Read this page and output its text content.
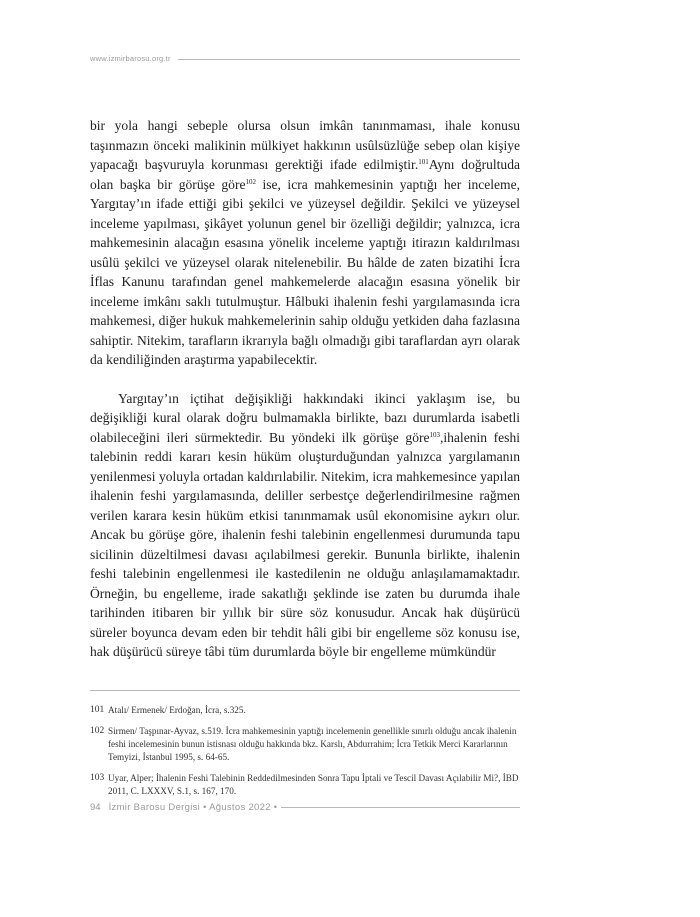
www.izmirbarosu.org.tr

bir yola hangi sebeple olursa olsun imkân tanınmaması, ihale konusu taşınmazın önceki malikinin mülkiyet hakkının usûlsüzlüğe sebep olan kişiye yapacağı başvuruyla korunması gerektiği ifade edilmiştir.$^{101}$Aynı doğrultuda olan başka bir görüşe göre$^{102}$ ise, icra mahkemesinin yaptığı her inceleme, Yargıtay’ın ifade ettiği gibi şekilci ve yüzeysel değildir. Şekilci ve yüzeysel inceleme yapılması, şikâyet yolunun genel bir özelliği değildir; yalnızca, icra mahkemesinin alacağın esasına yönelik inceleme yaptığı itirazın kaldırılması usûlü şekilci ve yüzeysel olarak nitelenebilir. Bu hâlde de zaten bizatihi İcra İflas Kanunu tarafından genel mahkemelerde alacağın esasına yönelik bir inceleme imkânı saklı tutulmuştur. Hâlbuki ihalenin feshi yargılamasında icra mahkemesi, diğer hukuk mahkemelerinin sahip olduğu yetkiden daha fazlasına sahiptir. Nitekim, tarafların ikrarıyla bağlı olmadığı gibi taraflardan ayrı olarak da kendiliğinden araştırma yapabilecektir.

Yargıtay’ın içtihat değişikliği hakkındaki ikinci yaklaşım ise, bu değişikliği kural olarak doğru bulmamakla birlikte, bazı durumlarda isabetli olabileceğini ileri sürmektedir. Bu yöndeki ilk görüşe göre$^{103}$,ihalenin feshi talebinin reddi kararı kesin hüküm oluşturduğundan yalnızca yargılamanın yenilenmesi yoluyla ortadan kaldırılabilir. Nitekim, icra mahkemesince yapılan ihalenin feshi yargılamasında, deliller serbestçe değerlendirilmesine rağmen verilen karara kesin hüküm etkisi tanınmamak usûl ekonomisine aykırı olur. Ancak bu görüşe göre, ihalenin feshi talebinin engellenmesi durumunda tapu sicilinin düzeltilmesi davası açılabilmesi gerekir. Bununla birlikte, ihalenin feshi talebinin engellenmesi ile kastedilenin ne olduğu anlaşılamamaktadır. Örneğin, bu engelleme, irade sakatlığı şeklinde ise zaten bu durumda ihale tarihinden itibaren bir yıllık bir süre söz konusudur. Ancak hak düşürücü süreler boyunca devam eden bir tehdit hâli gibi bir engelleme söz konusu ise, hak düşürücü süreye tâbi tüm durumlarda böyle bir engelleme mümkündür

101 Atalı/ Ermenek/ Erdoğan, İcra, s.325.
102 Sirmen/ Taşpınar-Ayvaz, s.519. İcra mahkemesinin yaptığı incelemenin genellikle sınırlı olduğu ancak ihalenin feshi incelemesinin bunun istisnası olduğu hakkında bkz. Karslı, Abdurrahim; İcra Tetkik Merci Kararlarının Temyizi, İstanbul 1995, s. 64-65.
103 Uyar, Alper; İhalenin Feshi Talebinin Reddedilmesinden Sonra Tapu İptali ve Tescil Davası Açılabilir Mi?, İBD 2011, C. LXXXV, S.1, s. 167, 170.
94 İzmir Barosu Dergisi • Ağustos 2022 •
